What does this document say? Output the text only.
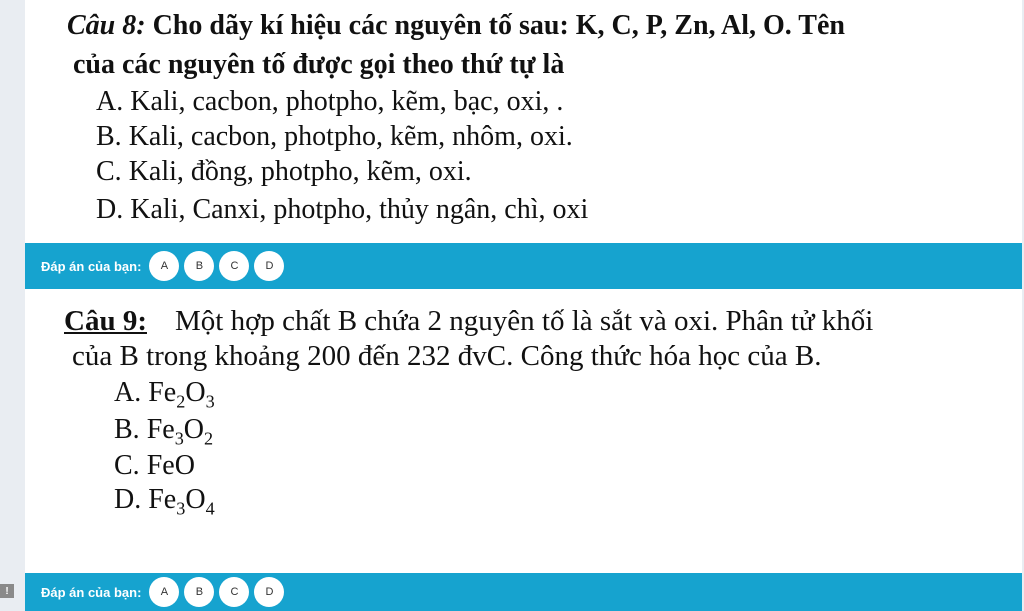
Câu 8: Cho dãy kí hiệu các nguyên tố sau: K, C, P, Zn, Al, O. Tên
của các nguyên tố được gọi theo thứ tự là
A. Kali, cacbon, photpho, kẽm, bạc, oxi, .
B. Kali, cacbon, photpho, kẽm, nhôm, oxi.
C. Kali, đồng, photpho, kẽm, oxi.
D. Kali, Canxi, photpho, thủy ngân, chì, oxi
Đáp án của bạn:	A	B	C	D
Câu 9: Một hợp chất B chứa 2 nguyên tố là sắt và oxi. Phân tử khối
của B trong khoảng 200 đến 232 đvC. Công thức hóa học của B.
A. $Fe_2O_3$
B. $Fe_3O_2$
C. FeO
D. $Fe_3O_4$
Đáp án của bạn:	A	B	C	D
!
